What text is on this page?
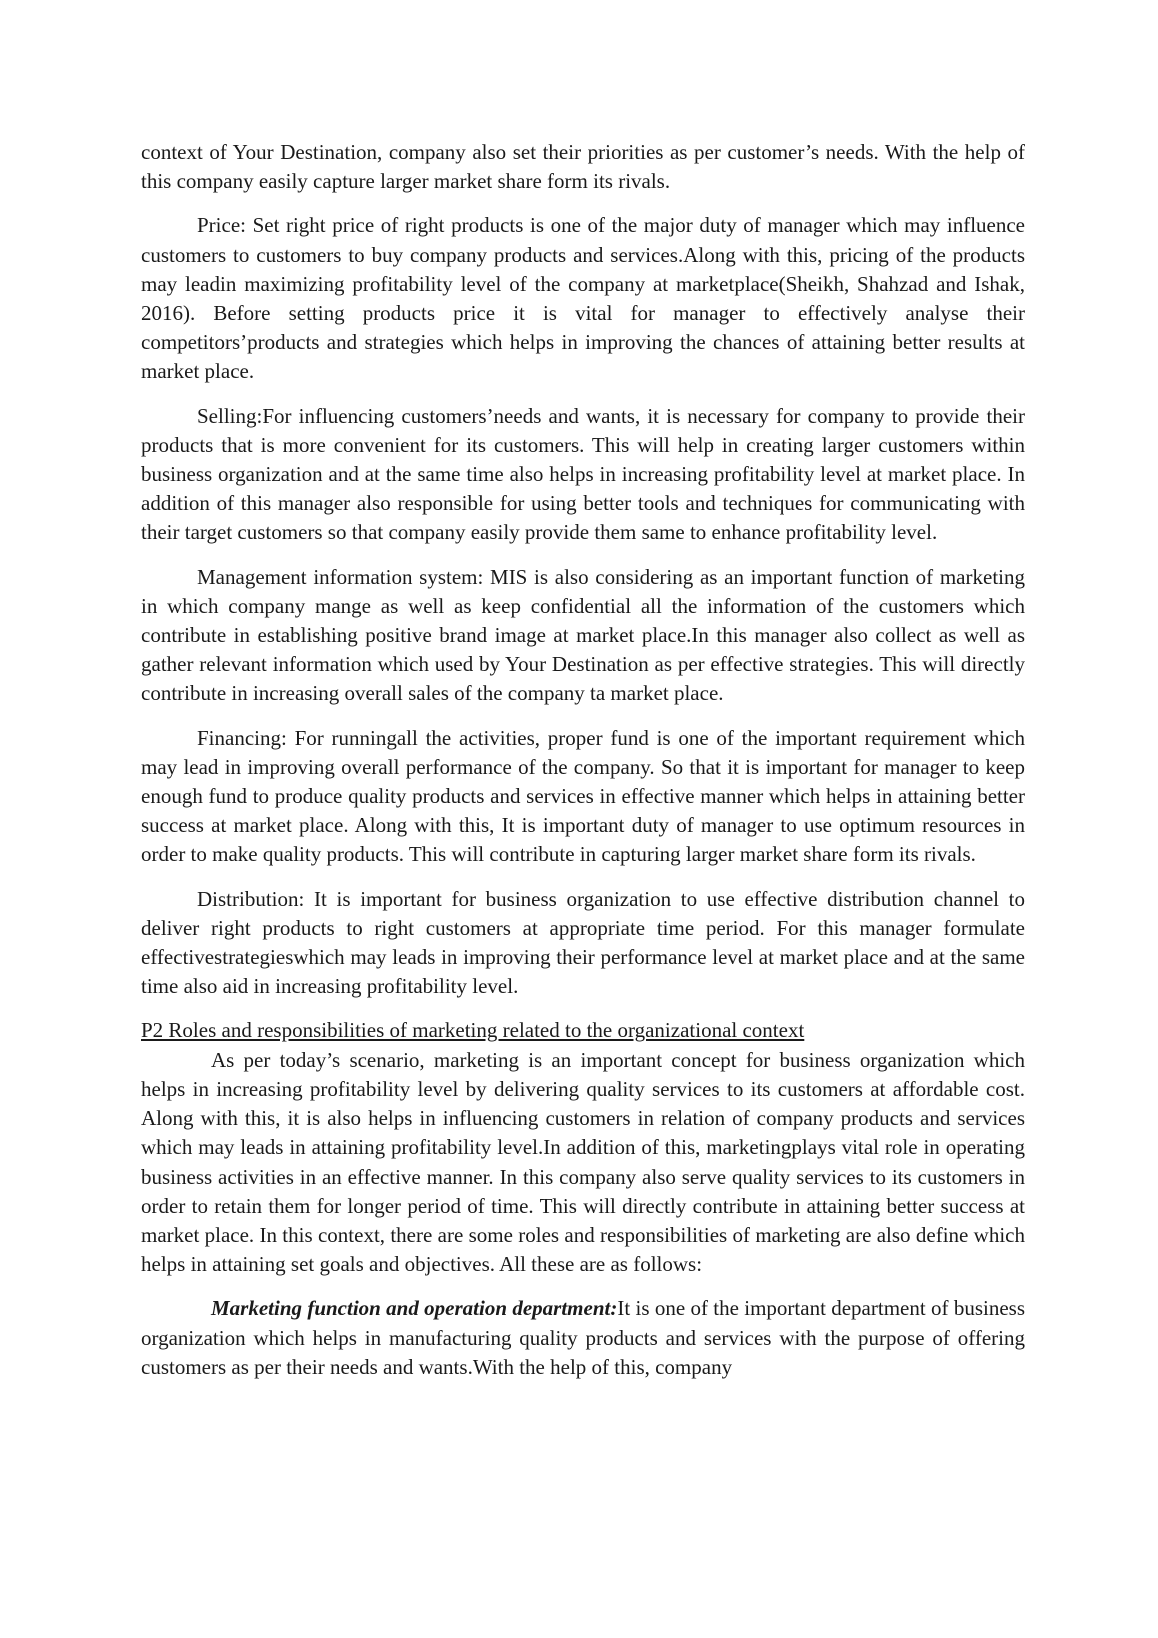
context of Your Destination, company also set their priorities as per customer’s needs. With the help of this company easily capture larger market share form its rivals.

Price: Set right price of right products is one of the major duty of manager which may influence customers to customers to buy company products and services.Along with this, pricing of the products may leadin maximizing profitability level of the company at marketplace(Sheikh, Shahzad and Ishak, 2016). Before setting products price it is vital for manager to effectively analyse their competitors’products and strategies which helps in improving the chances of attaining better results at market place.

Selling:For influencing customers’needs and wants, it is necessary for company to provide their products that is more convenient for its customers. This will help in creating larger customers within business organization and at the same time also helps in increasing profitability level at market place. In addition of this manager also responsible for using better tools and techniques for communicating with their target customers so that company easily provide them same to enhance profitability level.

Management information system: MIS is also considering as an important function of marketing in which company mange as well as keep confidential all the information of the customers which contribute in establishing positive brand image at market place.In this manager also collect as well as gather relevant information which used by Your Destination as per effective strategies. This will directly contribute in increasing overall sales of the company ta market place.

Financing: For runningall the activities, proper fund is one of the important requirement which may lead in improving overall performance of the company. So that it is important for manager to keep enough fund to produce quality products and services in effective manner which helps in attaining better success at market place. Along with this, It is important duty of manager to use optimum resources in order to make quality products. This will contribute in capturing larger market share form its rivals.

Distribution: It is important for business organization to use effective distribution channel to deliver right products to right customers at appropriate time period. For this manager formulate effectivestrategieswhich may leads in improving their performance level at market place and at the same time also aid in increasing profitability level.

P2 Roles and responsibilities of marketing related to the organizational context

As per today’s scenario, marketing is an important concept for business organization which helps in increasing profitability level by delivering quality services to its customers at affordable cost. Along with this, it is also helps in influencing customers in relation of company products and services which may leads in attaining profitability level.In addition of this, marketingplays vital role in operating business activities in an effective manner. In this company also serve quality services to its customers in order to retain them for longer period of time. This will directly contribute in attaining better success at market place. In this context, there are some roles and responsibilities of marketing are also define which helps in attaining set goals and objectives. All these are as follows:

Marketing function and operation department:It is one of the important department of business organization which helps in manufacturing quality products and services with the purpose of offering customers as per their needs and wants.With the help of this, company
